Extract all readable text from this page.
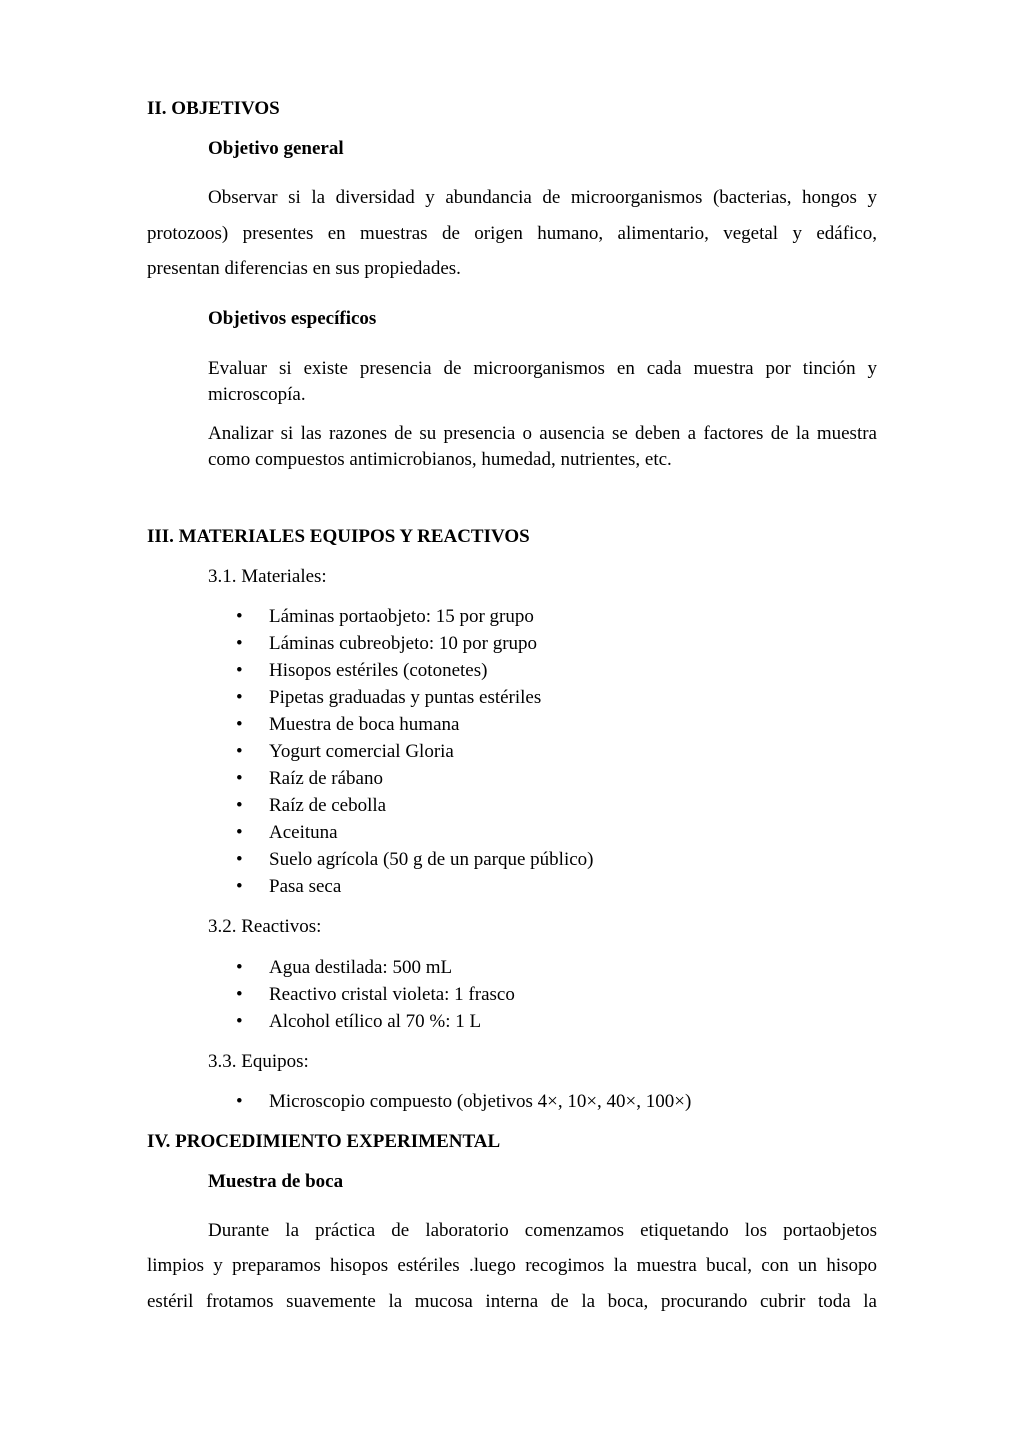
II. OBJETIVOS
Objetivo general
Observar si la diversidad y abundancia de microorganismos (bacterias, hongos y
protozoos) presentes en muestras de origen humano, alimentario, vegetal y edáfico,
presentan diferencias en sus propiedades.
Objetivos específicos
Evaluar si existe presencia de microorganismos en cada muestra por tinción y microscopía.
Analizar si las razones de su presencia o ausencia se deben a factores de la muestra como compuestos antimicrobianos, humedad, nutrientes, etc.
III. MATERIALES EQUIPOS Y REACTIVOS
3.1. Materiales:
•	Láminas portaobjeto: 15 por grupo
•	Láminas cubreobjeto: 10 por grupo
•	Hisopos estériles (cotonetes)
•	Pipetas graduadas y puntas estériles
•	Muestra de boca humana
•	Yogurt comercial Gloria
•	Raíz de rábano
•	Raíz de cebolla
•	Aceituna
•	Suelo agrícola (50 g de un parque público)
•	Pasa seca
3.2. Reactivos:
•	Agua destilada: 500 mL
•	Reactivo cristal violeta: 1 frasco
•	Alcohol etílico al 70 %: 1 L
3.3. Equipos:
•	Microscopio compuesto (objetivos 4×, 10×, 40×, 100×)
IV. PROCEDIMIENTO EXPERIMENTAL
Muestra de boca
Durante la práctica de laboratorio comenzamos etiquetando los portaobjetos
limpios y preparamos hisopos estériles .luego recogimos la muestra bucal, con un hisopo
estéril frotamos suavemente la mucosa interna de la boca, procurando cubrir toda la
